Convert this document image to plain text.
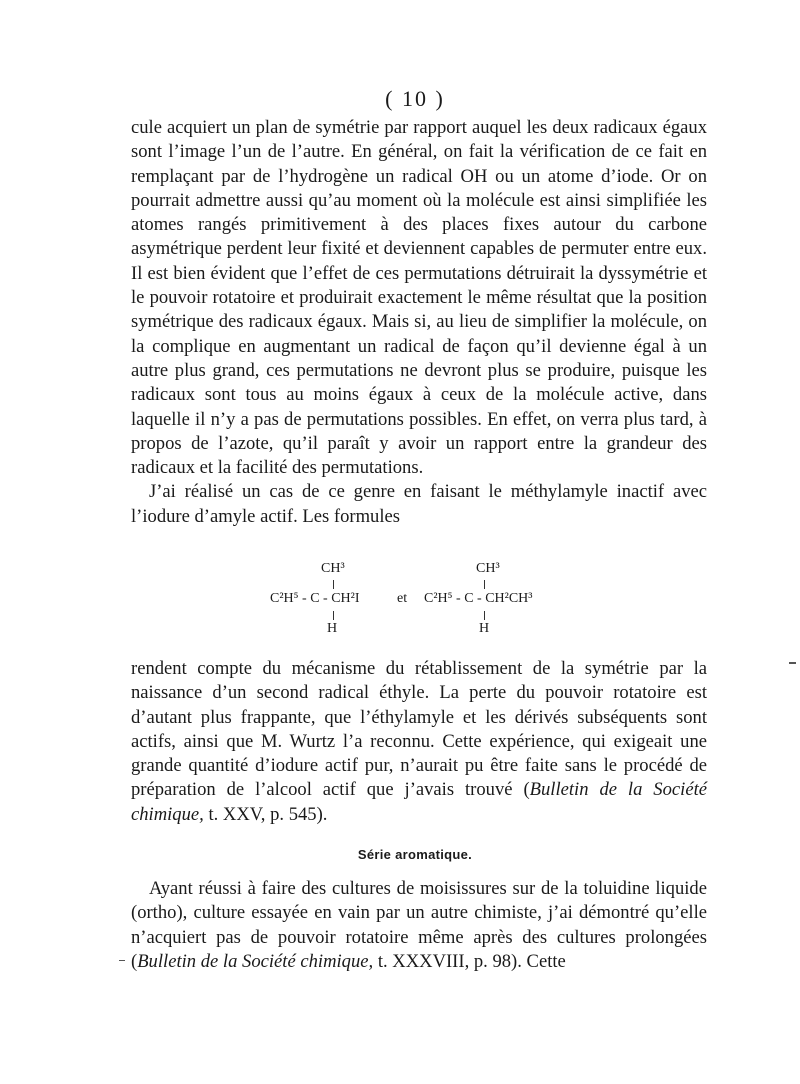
( 10 )

cule acquiert un plan de symétrie par rapport auquel les deux radicaux égaux sont l’image l’un de l’autre. En général, on fait la vérification de ce fait en remplaçant par de l’hydrogène un radical OH ou un atome d’iode. Or on pourrait admettre aussi qu’au moment où la molécule est ainsi simplifiée les atomes rangés primitivement à des places fixes autour du carbone asymétrique perdent leur fixité et deviennent capables de permuter entre eux. Il est bien évident que l’effet de ces permutations détruirait la dyssymétrie et le pouvoir rotatoire et produirait exactement le même résultat que la position symétrique des radicaux égaux. Mais si, au lieu de simplifier la molécule, on la complique en augmentant un radical de façon qu’il devienne égal à un autre plus grand, ces permutations ne devront plus se produire, puisque les radicaux sont tous au moins égaux à ceux de la molécule active, dans laquelle il n’y a pas de permutations possibles. En effet, on verra plus tard, à propos de l’azote, qu’il paraît y avoir un rapport entre la grandeur des radicaux et la facilité des permutations.

J’ai réalisé un cas de ce genre en faisant le méthylamyle inactif avec l’iodure d’amyle actif. Les formules

CH³
C²H⁵ - C - CH²I
H
et
CH³
C²H⁵ - C - CH²CH³
H

rendent compte du mécanisme du rétablissement de la symétrie par la naissance d’un second radical éthyle. La perte du pouvoir rotatoire est d’autant plus frappante, que l’éthylamyle et les dérivés subséquents sont actifs, ainsi que M. Wurtz l’a reconnu. Cette expérience, qui exigeait une grande quantité d’iodure actif pur, n’aurait pu être faite sans le procédé de préparation de l’alcool actif que j’avais trouvé (Bulletin de la Société chimique, t. XXV, p. 545).

Série aromatique.

Ayant réussi à faire des cultures de moisissures sur de la toluidine liquide (ortho), culture essayée en vain par un autre chimiste, j’ai démontré qu’elle n’acquiert pas de pouvoir rotatoire même après des cultures prolongées (Bulletin de la Société chimique, t. XXXVIII, p. 98). Cette
